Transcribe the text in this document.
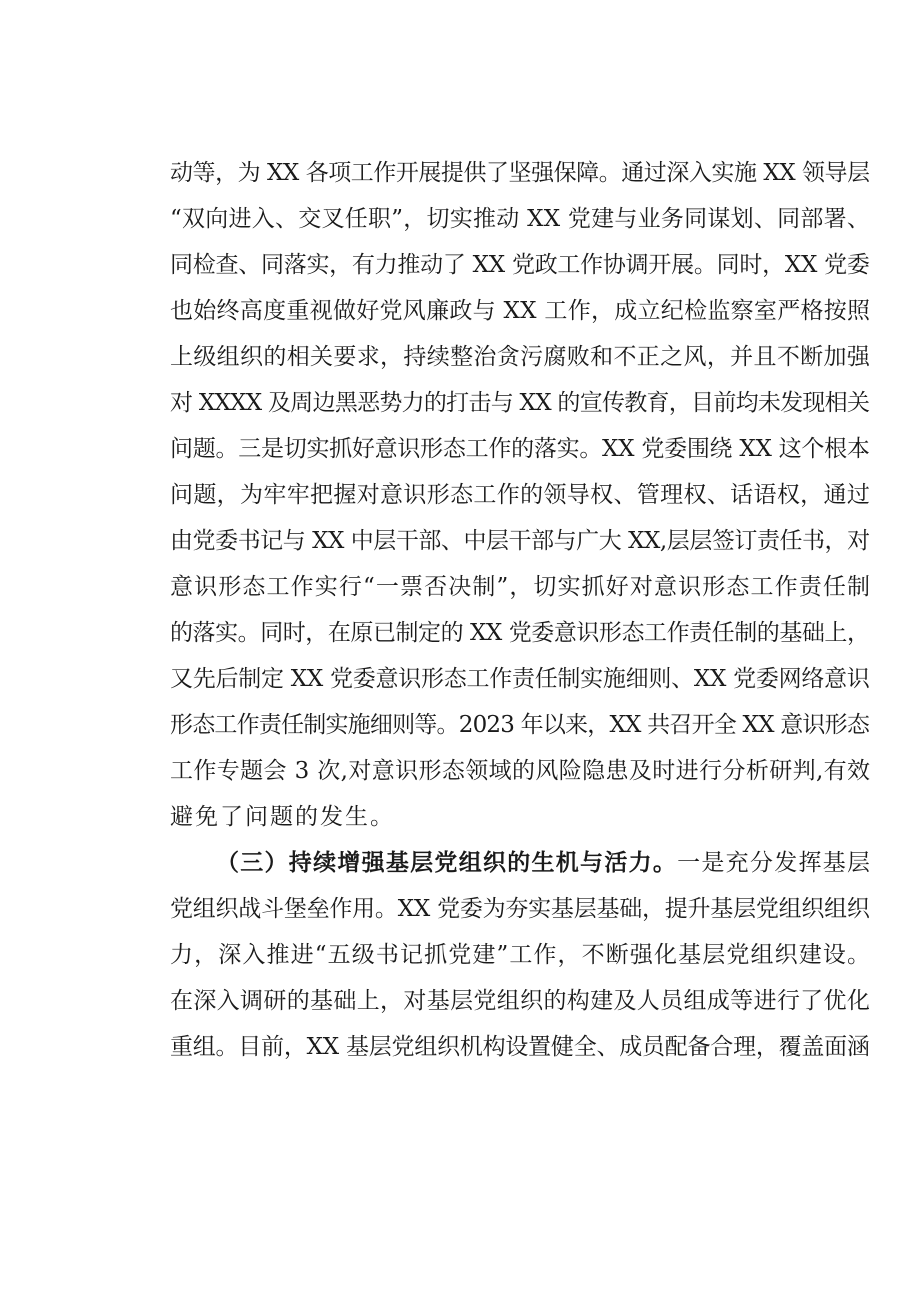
动等，为 XX 各项工作开展提供了坚强保障。通过深入实施 XX 领导层
“双向进入、交叉任职”，切实推动 XX 党建与业务同谋划、同部署、
同检查、同落实，有力推动了 XX 党政工作协调开展。同时，XX 党委
也始终高度重视做好党风廉政与 XX 工作，成立纪检监察室严格按照
上级组织的相关要求，持续整治贪污腐败和不正之风，并且不断加强
对 XXXX 及周边黑恶势力的打击与 XX 的宣传教育，目前均未发现相关
问题。三是切实抓好意识形态工作的落实。XX 党委围绕 XX 这个根本
问题，为牢牢把握对意识形态工作的领导权、管理权、话语权，通过
由党委书记与 XX 中层干部、中层干部与广大 XX,层层签订责任书，对
意识形态工作实行“一票否决制”，切实抓好对意识形态工作责任制
的落实。同时，在原已制定的 XX 党委意识形态工作责任制的基础上，
又先后制定 XX 党委意识形态工作责任制实施细则、XX 党委网络意识
形态工作责任制实施细则等。2023 年以来，XX 共召开全 XX 意识形态
工作专题会 3 次,对意识形态领域的风险隐患及时进行分析研判,有效
避免了问题的发生。
（三）持续增强基层党组织的生机与活力。一是充分发挥基层
党组织战斗堡垒作用。XX 党委为夯实基层基础，提升基层党组织组织
力，深入推进“五级书记抓党建”工作，不断强化基层党组织建设。
在深入调研的基础上，对基层党组织的构建及人员组成等进行了优化
重组。目前，XX 基层党组织机构设置健全、成员配备合理，覆盖面涵
